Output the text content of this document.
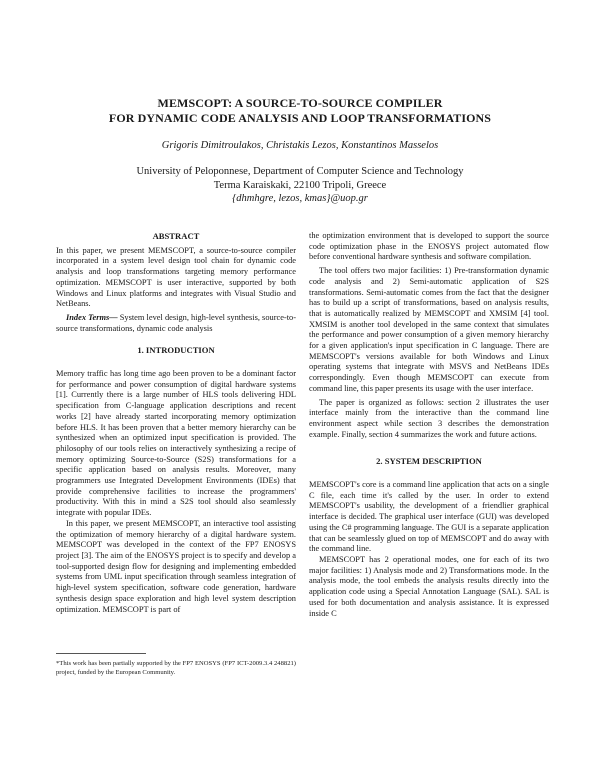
MEMSCOPT: A SOURCE-TO-SOURCE COMPILER
FOR DYNAMIC CODE ANALYSIS AND LOOP TRANSFORMATIONS
Grigoris Dimitroulakos, Christakis Lezos, Konstantinos Masselos
University of Peloponnese, Department of Computer Science and Technology
Terma Karaiskaki, 22100 Tripoli, Greece
{dhmhgre, lezos, kmas}@uop.gr

ABSTRACT

In this paper, we present MEMSCOPT, a source-to-source compiler incorporated in a system level design tool chain for dynamic code analysis and loop transformations targeting memory performance optimization. MEMSCOPT is user interactive, supported by both Windows and Linux platforms and integrates with Visual Studio and NetBeans.

Index Terms— System level design, high-level synthesis, source-to-source transformations, dynamic code analysis

1. INTRODUCTION

Memory traffic has long time ago been proven to be a dominant factor for performance and power consumption of digital hardware systems [1]. Currently there is a large number of HLS tools delivering HDL specification from C-language application descriptions and recent works [2] have already started incorporating memory optimization before HLS. It has been proven that a better memory hierarchy can be synthesized when an optimized input specification is provided. The philosophy of our tools relies on interactively synthesizing a recipe of memory optimizing Source-to-Source (S2S) transformations for a specific application based on analysis results. Moreover, many programmers use Integrated Development Environments (IDEs) that provide comprehensive facilities to increase the programmers' productivity. With this in mind a S2S tool should also seamlessly integrate with popular IDEs.

In this paper, we present MEMSCOPT, an interactive tool assisting the optimization of memory hierarchy of a digital hardware system. MEMSCOPT was developed in the context of the FP7 ENOSYS project [3]. The aim of the ENOSYS project is to specify and develop a tool-supported design flow for designing and implementing embedded systems from UML input specification through seamless integration of high-level system specification, software code generation, hardware synthesis design space exploration and high level system description optimization. MEMSCOPT is part of

*This work has been partially supported by the FP7 ENOSYS (FP7 ICT-2009.3.4 248821) project, funded by the European Community.

the optimization environment that is developed to support the source code optimization phase in the ENOSYS project automated flow before conventional hardware synthesis and software compilation.

The tool offers two major facilities: 1) Pre-transformation dynamic code analysis and 2) Semi-automatic application of S2S transformations. Semi-automatic comes from the fact that the designer has to build up a script of transformations, based on analysis results, that is automatically realized by MEMSCOPT and XMSIM [4] tool. XMSIM is another tool developed in the same context that simulates the performance and power consumption of a given memory hierarchy for a given application's input specification in C language. There are MEMSCOPT's versions available for both Windows and Linux operating systems that integrate with MSVS and NetBeans IDEs correspondingly. Even though MEMSCOPT can execute from command line, this paper presents its usage with the user interface.

The paper is organized as follows: section 2 illustrates the user interface mainly from the interactive than the command line environment aspect while section 3 describes the demonstration example. Finally, section 4 summarizes the work and future actions.

2. SYSTEM DESCRIPTION

MEMSCOPT's core is a command line application that acts on a single C file, each time it's called by the user. In order to extend MEMSCOPT's usability, the development of a friendlier graphical interface is decided. The graphical user interface (GUI) was developed using the C# programming language. The GUI is a separate application that can be seamlessly glued on top of MEMSCOPT and do away with the command line.

MEMSCOPT has 2 operational modes, one for each of its two major facilities: 1) Analysis mode and 2) Transformations mode. In the analysis mode, the tool embeds the analysis results directly into the application code using a Special Annotation Language (SAL). SAL is used for both documentation and analysis assistance. It is expressed inside C
